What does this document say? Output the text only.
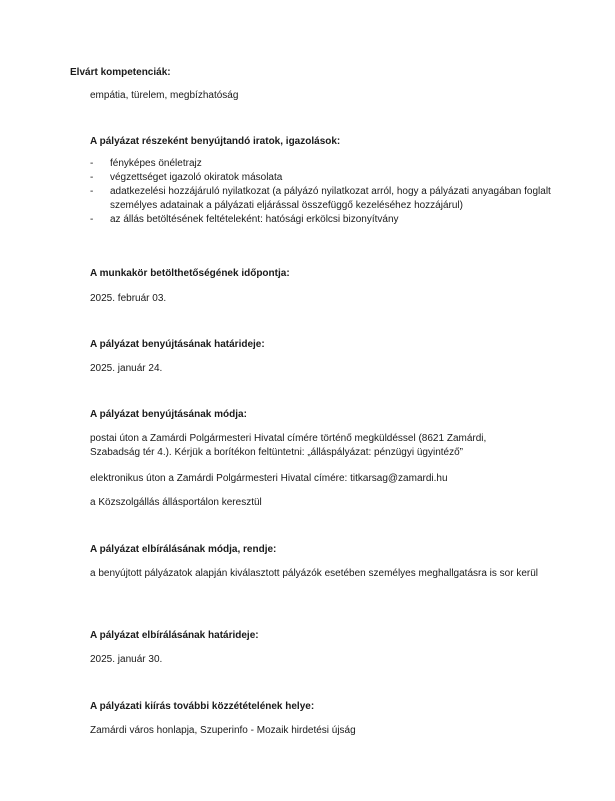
Elvárt kompetenciák:
empátia, türelem, megbízhatóság
A pályázat részeként benyújtandó iratok, igazolások:
- fényképes önéletrajz
- végzettséget igazoló okiratok másolata
- adatkezelési hozzájáruló nyilatkozat (a pályázó nyilatkozat arról, hogy a pályázati anyagában foglalt személyes adatainak a pályázati eljárással összefüggő kezeléséhez hozzájárul)
- az állás betöltésének feltételeként: hatósági erkölcsi bizonyítvány
A munkakör betölthetőségének időpontja:
2025. február 03.
A pályázat benyújtásának határideje:
2025. január 24.
A pályázat benyújtásának módja:
postai úton a Zamárdi Polgármesteri Hivatal címére történő megküldéssel (8621 Zamárdi, Szabadság tér 4.). Kérjük a borítékon feltüntetni: „álláspályázat: pénzügyi ügyintéző”
elektronikus úton a Zamárdi Polgármesteri Hivatal címére: titkarsag@zamardi.hu
a Közszolgállás állásportálon keresztül
A pályázat elbírálásának módja, rendje:
a benyújtott pályázatok alapján kiválasztott pályázók esetében személyes meghallgatásra is sor kerül
A pályázat elbírálásának határideje:
2025. január 30.
A pályázati kiírás további közzétételének helye:
Zamárdi város honlapja, Szuperinfo - Mozaik hirdetési újság
